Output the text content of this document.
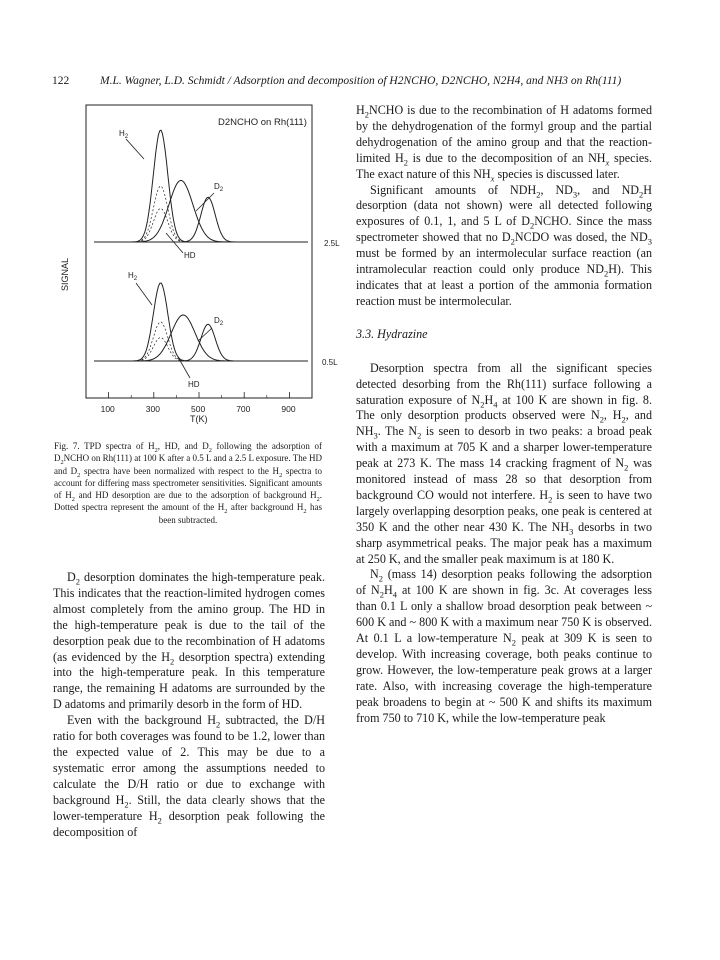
122	M.L. Wagner, L.D. Schmidt / Adsorption and decomposition of H2NCHO, D2NCHO, N2H4, and NH3 on Rh(111)
D2NCHO on Rh(111)
SIGNAL
T(K)
2.5L
0.5L
100	300	500	700	900
$H_2$
$D_2$
HD
$H_2$
$D_2$
HD
Fig. 7. TPD spectra of $H_2$, HD, and $D_2$ following the adsorption of $D_2NCHO$ on Rh(111) at 100 K after a 0.5 L and a 2.5 L exposure. The HD and $D_2$ spectra have been normalized with respect to the $H_2$ spectra to account for differing mass spectrometer sensitivities. Significant amounts of $H_2$ and HD desorption are due to the adsorption of background $H_2$. Dotted spectra represent the amount of the $H_2$ after background $H_2$ has been subtracted.

$D_2$ desorption dominates the high-temperature peak. This indicates that the reaction-limited hydrogen comes almost completely from the amino group. The HD in the high-temperature peak is due to the tail of the desorption peak due to the recombination of H adatoms (as evidenced by the $H_2$ desorption spectra) extending into the high-temperature peak. In this temperature range, the remaining H adatoms are surrounded by the D adatoms and primarily desorb in the form of HD.

Even with the background $H_2$ subtracted, the D/H ratio for both coverages was found to be 1.2, lower than the expected value of 2. This may be due to a systematic error among the assumptions needed to calculate the D/H ratio or due to exchange with background $H_2$. Still, the data clearly shows that the lower-temperature $H_2$ desorption peak following the decomposition of

$H_2NCHO$ is due to the recombination of H adatoms formed by the dehydrogenation of the formyl group and the partial dehydrogenation of the amino group and that the reaction-limited $H_2$ is due to the decomposition of an $NH_x$ species. The exact nature of this $NH_x$ species is discussed later.

Significant amounts of $NDH_2$, $ND_3$, and $ND_2H$ desorption (data not shown) were all detected following exposures of 0.1, 1, and 5 L of $D_2NCHO$. Since the mass spectrometer showed that no $D_2NCDO$ was dosed, the $ND_3$ must be formed by an intermolecular surface reaction (an intramolecular reaction could only produce $ND_2H$). This indicates that at least a portion of the ammonia formation reaction must be intermolecular.

3.3. Hydrazine

Desorption spectra from all the significant species detected desorbing from the Rh(111) surface following a saturation exposure of $N_2H_4$ at 100 K are shown in fig. 8. The only desorption products observed were $N_2$, $H_2$, and $NH_3$. The $N_2$ is seen to desorb in two peaks: a broad peak with a maximum at 705 K and a sharper lower-temperature peak at 273 K. The mass 14 cracking fragment of $N_2$ was monitored instead of mass 28 so that desorption from background CO would not interfere. $H_2$ is seen to have two largely overlapping desorption peaks, one peak is centered at 350 K and the other near 430 K. The $NH_3$ desorbs in two sharp asymmetrical peaks. The major peak has a maximum at 250 K, and the smaller peak maximum is at 180 K.

$N_2$ (mass 14) desorption peaks following the adsorption of $N_2H_4$ at 100 K are shown in fig. 3c. At coverages less than 0.1 L only a shallow broad desorption peak between ~ 600 K and ~ 800 K with a maximum near 750 K is observed. At 0.1 L a low-temperature $N_2$ peak at 309 K is seen to develop. With increasing coverage, both peaks continue to grow. However, the low-temperature peak grows at a larger rate. Also, with increasing coverage the high-temperature peak broadens to begin at ~ 500 K and shifts its maximum from 750 to 710 K, while the low-temperature peak
